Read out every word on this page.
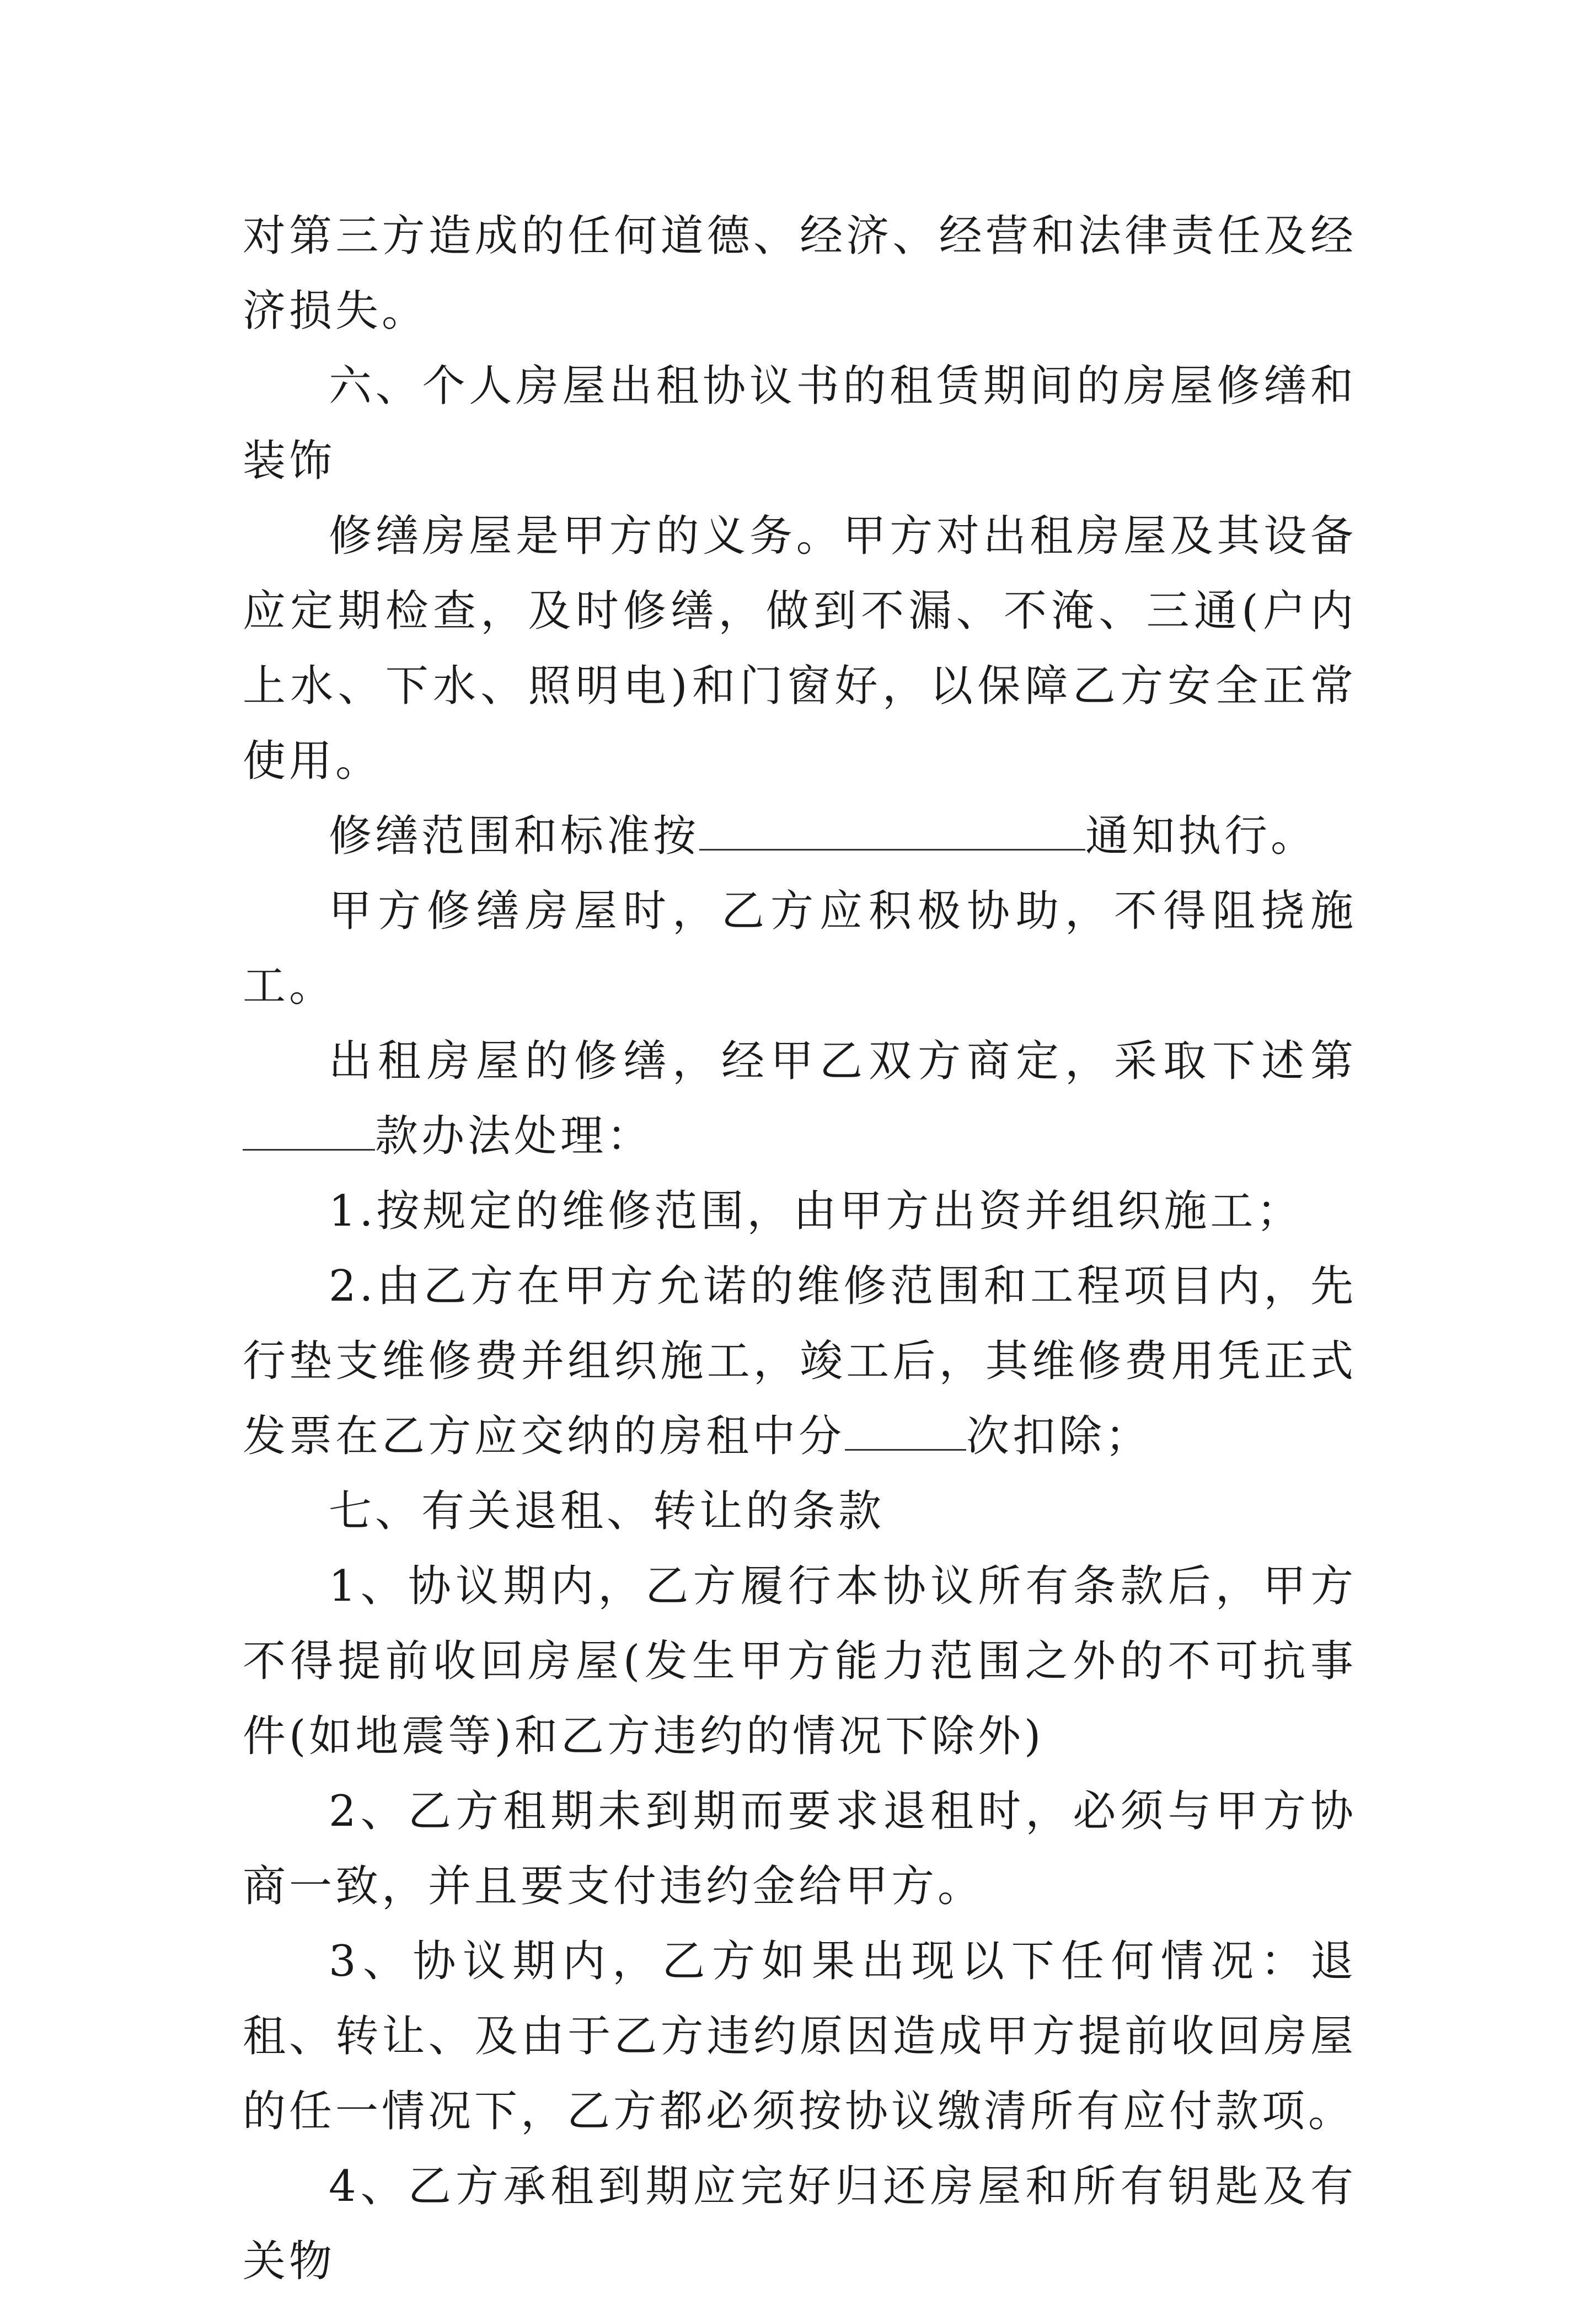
对第三方造成的任何道德、经济、经营和法律责任及经济损失。

六、个人房屋出租协议书的租赁期间的房屋修缮和装饰

修缮房屋是甲方的义务。甲方对出租房屋及其设备应定期检查，及时修缮，做到不漏、不淹、三通(户内上水、下水、照明电)和门窗好，以保障乙方安全正常使用。

修缮范围和标准按	通知执行。

甲方修缮房屋时，乙方应积极协助，不得阻挠施工。

出租房屋的修缮，经甲乙双方商定，采取下述第款办法处理：

1.按规定的维修范围，由甲方出资并组织施工；

2.由乙方在甲方允诺的维修范围和工程项目内，先行垫支维修费并组织施工，竣工后，其维修费用凭正式发票在乙方应交纳的房租中分	次扣除；

七、有关退租、转让的条款

1、协议期内，乙方履行本协议所有条款后，甲方不得提前收回房屋(发生甲方能力范围之外的不可抗事件(如地震等)和乙方违约的情况下除外)

2、乙方租期未到期而要求退租时，必须与甲方协商一致，并且要支付违约金给甲方。

3、协议期内，乙方如果出现以下任何情况：退租、转让、及由于乙方违约原因造成甲方提前收回房屋的任一情况下，乙方都必须按协议缴清所有应付款项。

4、乙方承租到期应完好归还房屋和所有钥匙及有关物
